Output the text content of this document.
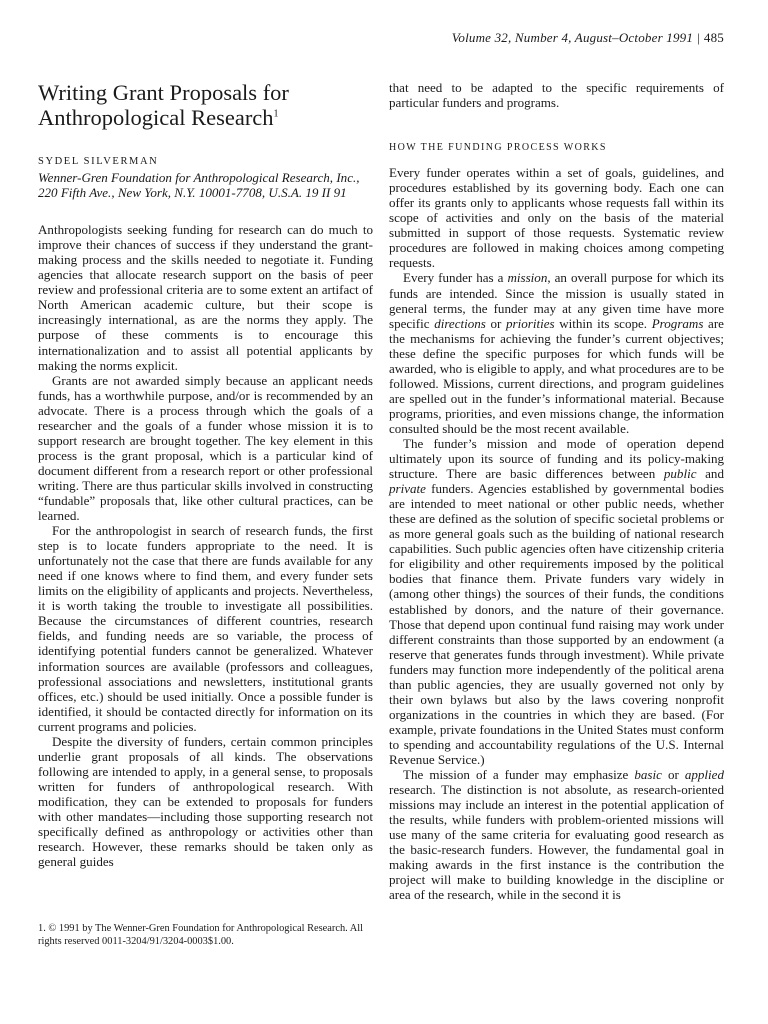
Volume 32, Number 4, August–October 1991 | 485
Writing Grant Proposals for Anthropological Research$^1$
SYDEL SILVERMAN
Wenner-Gren Foundation for Anthropological Research, Inc., 220 Fifth Ave., New York, N.Y. 10001-7708, U.S.A. 19 II 91

Anthropologists seeking funding for research can do much to improve their chances of success if they understand the grant-making process and the skills needed to negotiate it. Funding agencies that allocate research support on the basis of peer review and professional criteria are to some extent an artifact of North American academic culture, but their scope is increasingly international, as are the norms they apply. The purpose of these comments is to encourage this internationalization and to assist all potential applicants by making the norms explicit.

Grants are not awarded simply because an applicant needs funds, has a worthwhile purpose, and/or is recommended by an advocate. There is a process through which the goals of a researcher and the goals of a funder whose mission it is to support research are brought together. The key element in this process is the grant proposal, which is a particular kind of document different from a research report or other professional writing. There are thus particular skills involved in constructing “fundable” proposals that, like other cultural practices, can be learned.

For the anthropologist in search of research funds, the first step is to locate funders appropriate to the need. It is unfortunately not the case that there are funds available for any need if one knows where to find them, and every funder sets limits on the eligibility of applicants and projects. Nevertheless, it is worth taking the trouble to investigate all possibilities. Because the circumstances of different countries, research fields, and funding needs are so variable, the process of identifying potential funders cannot be generalized. Whatever information sources are available (professors and colleagues, professional associations and newsletters, institutional grants offices, etc.) should be used initially. Once a possible funder is identified, it should be contacted directly for information on its current programs and policies.

Despite the diversity of funders, certain common principles underlie grant proposals of all kinds. The observations following are intended to apply, in a general sense, to proposals written for funders of anthropological research. With modification, they can be extended to proposals for funders with other mandates—including those supporting research not specifically defined as anthropology or activities other than research. However, these remarks should be taken only as general guides

1. © 1991 by The Wenner-Gren Foundation for Anthropological Research. All rights reserved 0011-3204/91/3204-0003$1.00.

that need to be adapted to the specific requirements of particular funders and programs.

HOW THE FUNDING PROCESS WORKS

Every funder operates within a set of goals, guidelines, and procedures established by its governing body. Each one can offer its grants only to applicants whose requests fall within its scope of activities and only on the basis of the material submitted in support of those requests. Systematic review procedures are followed in making choices among competing requests.

Every funder has a mission, an overall purpose for which its funds are intended. Since the mission is usually stated in general terms, the funder may at any given time have more specific directions or priorities within its scope. Programs are the mechanisms for achieving the funder’s current objectives; these define the specific purposes for which funds will be awarded, who is eligible to apply, and what procedures are to be followed. Missions, current directions, and program guidelines are spelled out in the funder’s informational material. Because programs, priorities, and even missions change, the information consulted should be the most recent available.

The funder’s mission and mode of operation depend ultimately upon its source of funding and its policy-making structure. There are basic differences between public and private funders. Agencies established by governmental bodies are intended to meet national or other public needs, whether these are defined as the solution of specific societal problems or as more general goals such as the building of national research capabilities. Such public agencies often have citizenship criteria for eligibility and other requirements imposed by the political bodies that finance them. Private funders vary widely in (among other things) the sources of their funds, the conditions established by donors, and the nature of their governance. Those that depend upon continual fund raising may work under different constraints than those supported by an endowment (a reserve that generates funds through investment). While private funders may function more independently of the political arena than public agencies, they are usually governed not only by their own bylaws but also by the laws covering nonprofit organizations in the countries in which they are based. (For example, private foundations in the United States must conform to spending and accountability regulations of the U.S. Internal Revenue Service.)

The mission of a funder may emphasize basic or applied research. The distinction is not absolute, as research-oriented missions may include an interest in the potential application of the results, while funders with problem-oriented missions will use many of the same criteria for evaluating good research as the basic-research funders. However, the fundamental goal in making awards in the first instance is the contribution the project will make to building knowledge in the discipline or area of the research, while in the second it is
